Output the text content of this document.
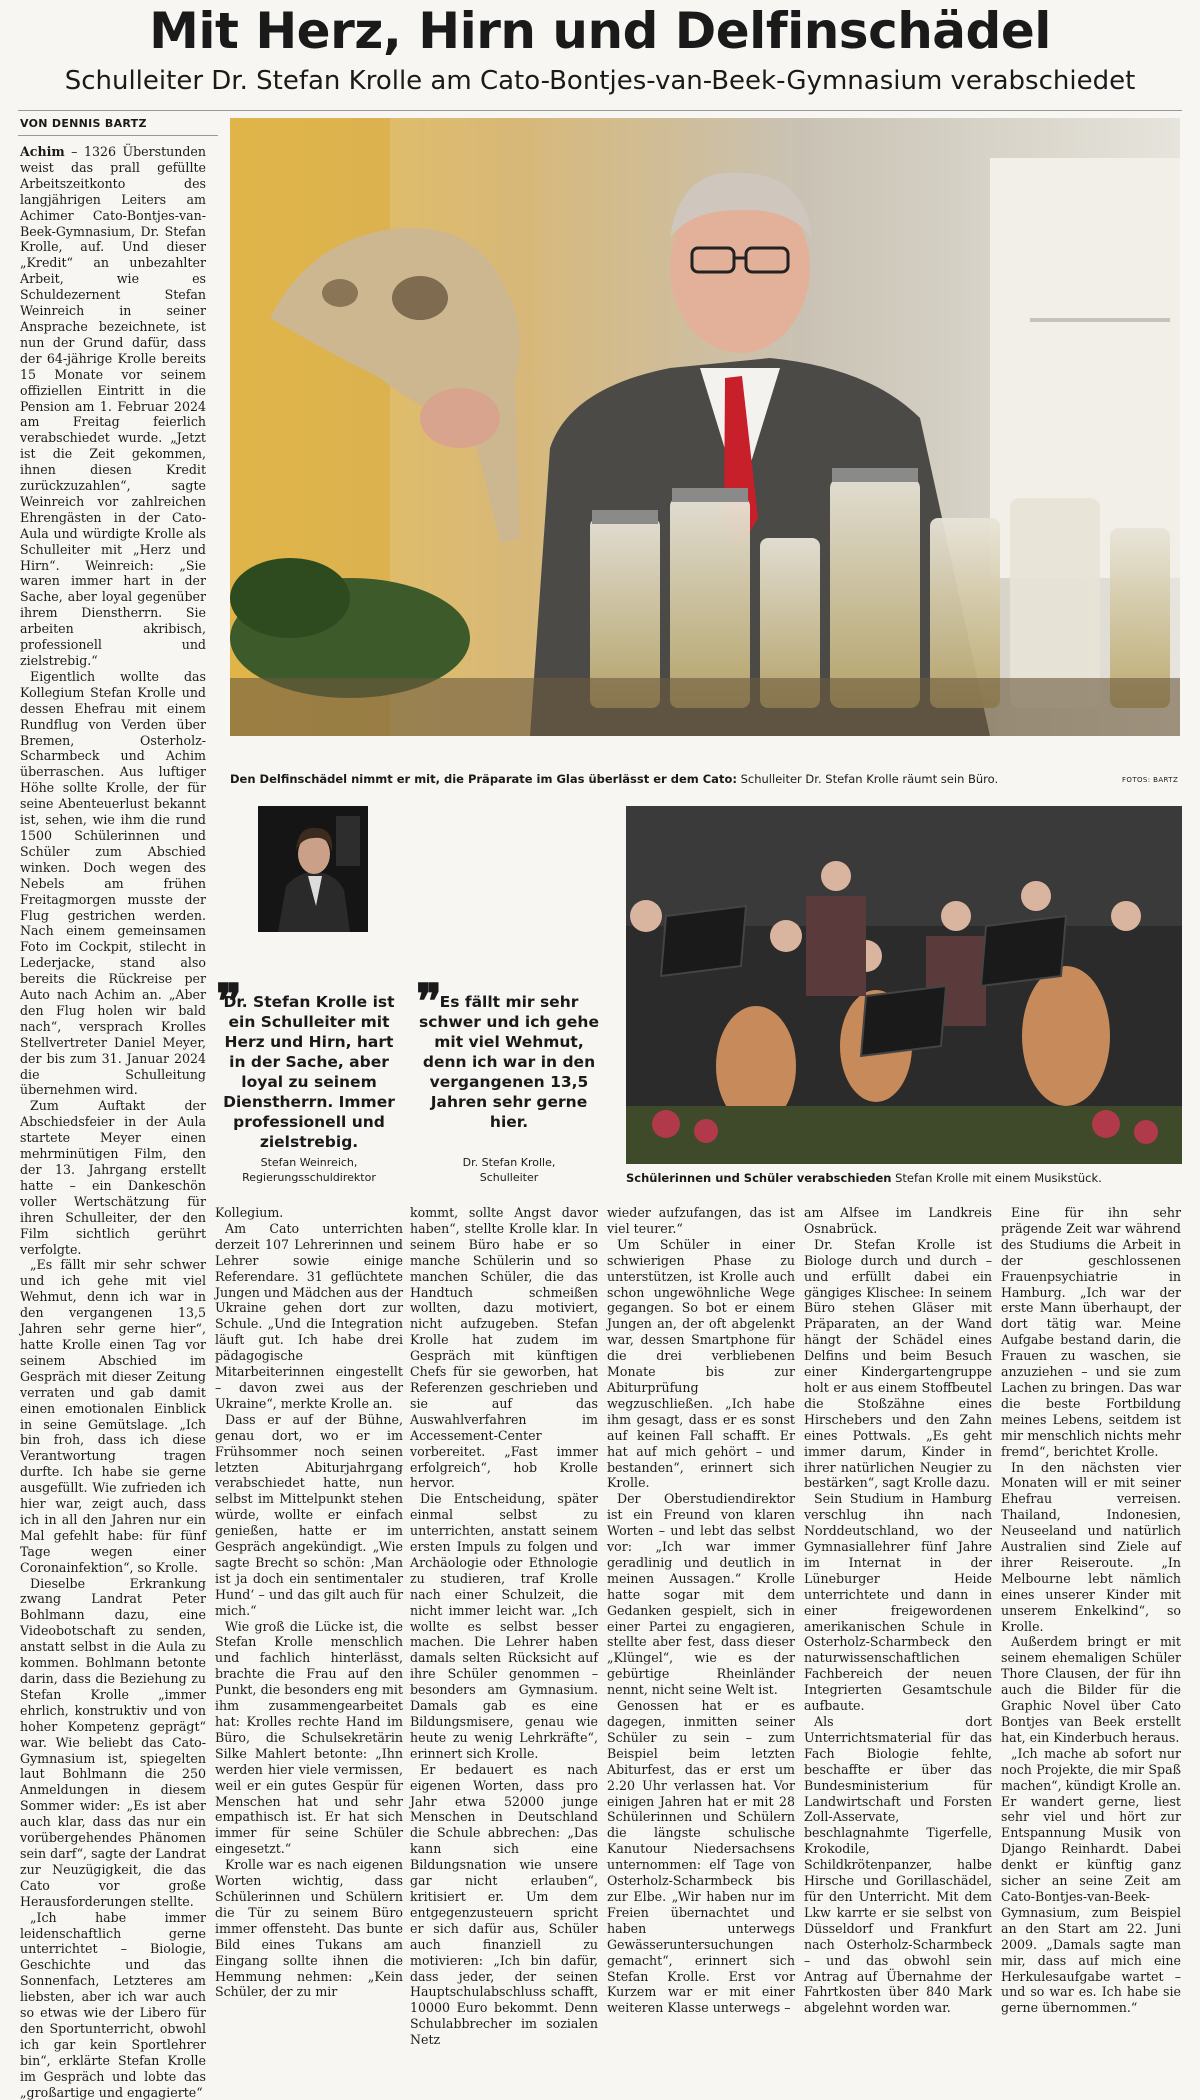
Mit Herz, Hirn und Delfinschädel
Schulleiter Dr. Stefan Krolle am Cato-Bontjes-van-Beek-Gymnasium verabschiedet
VON DENNIS BARTZ

Achim – 1326 Überstunden weist das prall gefüllte Arbeitszeitkonto des langjährigen Leiters am Achimer Cato-Bontjes-van-Beek-Gymnasium, Dr. Stefan Krolle, auf. Und dieser „Kredit“ an unbezahlter Arbeit, wie es Schuldezernent Stefan Weinreich in seiner Ansprache bezeichnete, ist nun der Grund dafür, dass der 64-jährige Krolle bereits 15 Monate vor seinem offiziellen Eintritt in die Pension am 1. Februar 2024 am Freitag feierlich verabschiedet wurde. „Jetzt ist die Zeit gekommen, ihnen diesen Kredit zurückzuzahlen“, sagte Weinreich vor zahlreichen Ehrengästen in der Cato-Aula und würdigte Krolle als Schulleiter mit „Herz und Hirn“. Weinreich: „Sie waren immer hart in der Sache, aber loyal gegenüber ihrem Dienstherrn. Sie arbeiten akribisch, professionell und zielstrebig.“

Eigentlich wollte das Kollegium Stefan Krolle und dessen Ehefrau mit einem Rundflug von Verden über Bremen, Osterholz-Scharmbeck und Achim überraschen. Aus luftiger Höhe sollte Krolle, der für seine Abenteuerlust bekannt ist, sehen, wie ihm die rund 1500 Schülerinnen und Schüler zum Abschied winken. Doch wegen des Nebels am frühen Freitagmorgen musste der Flug gestrichen werden. Nach einem gemeinsamen Foto im Cockpit, stilecht in Lederjacke, stand also bereits die Rückreise per Auto nach Achim an. „Aber den Flug holen wir bald nach“, versprach Krolles Stellvertreter Daniel Meyer, der bis zum 31. Januar 2024 die Schulleitung übernehmen wird.

Zum Auftakt der Abschiedsfeier in der Aula startete Meyer einen mehrminütigen Film, den der 13. Jahrgang erstellt hatte – ein Dankeschön voller Wertschätzung für ihren Schulleiter, der den Film sichtlich gerührt verfolgte.

„Es fällt mir sehr schwer und ich gehe mit viel Wehmut, denn ich war in den vergangenen 13,5 Jahren sehr gerne hier“, hatte Krolle einen Tag vor seinem Abschied im Gespräch mit dieser Zeitung verraten und gab damit einen emotionalen Einblick in seine Gemütslage. „Ich bin froh, dass ich diese Verantwortung tragen durfte. Ich habe sie gerne ausgefüllt. Wie zufrieden ich hier war, zeigt auch, dass ich in all den Jahren nur ein Mal gefehlt habe: für fünf Tage wegen einer Coronainfektion“, so Krolle.

Dieselbe Erkrankung zwang Landrat Peter Bohlmann dazu, eine Videobotschaft zu senden, anstatt selbst in die Aula zu kommen. Bohlmann betonte darin, dass die Beziehung zu Stefan Krolle „immer ehrlich, konstruktiv und von hoher Kompetenz geprägt“ war. Wie beliebt das Cato-Gymnasium ist, spiegelten laut Bohlmann die 250 Anmeldungen in diesem Sommer wider: „Es ist aber auch klar, dass das nur ein vorübergehendes Phänomen sein darf“, sagte der Landrat zur Neuzügigkeit, die das Cato vor große Herausforderungen stellte.

„Ich habe immer leidenschaftlich gerne unterrichtet – Biologie, Geschichte und das Sonnenfach, Letzteres am liebsten, aber ich war auch so etwas wie der Libero für den Sportunterricht, obwohl ich gar kein Sportlehrer bin“, erklärte Stefan Krolle im Gespräch und lobte das „großartige und engagierte“

Den Delfinschädel nimmt er mit, die Präparate im Glas überlässt er dem Cato: Schulleiter Dr. Stefan Krolle räumt sein Büro.	FOTOS: BARTZ
❞
Dr. Stefan Krolle ist ein Schulleiter mit Herz und Hirn, hart in der Sache, aber loyal zu seinem Dienstherrn. Immer professionell und zielstrebig.
Stefan Weinreich,
Regierungsschuldirektor
❞
Es fällt mir sehr schwer und ich gehe mit viel Wehmut, denn ich war in den vergangenen 13,5 Jahren sehr gerne hier.
Dr. Stefan Krolle,
Schulleiter	Schülerinnen und Schüler verabschieden Stefan Krolle mit einem Musikstück.

Kollegium.

Am Cato unterrichten derzeit 107 Lehrerinnen und Lehrer sowie einige Referendare. 31 geflüchtete Jungen und Mädchen aus der Ukraine gehen dort zur Schule. „Und die Integration läuft gut. Ich habe drei pädagogische Mitarbeiterinnen eingestellt – davon zwei aus der Ukraine“, merkte Krolle an.

Dass er auf der Bühne, genau dort, wo er im Frühsommer noch seinen letzten Abiturjahrgang verabschiedet hatte, nun selbst im Mittelpunkt stehen würde, wollte er einfach genießen, hatte er im Gespräch angekündigt. „Wie sagte Brecht so schön: ‚Man ist ja doch ein sentimentaler Hund‘ – und das gilt auch für mich.“

Wie groß die Lücke ist, die Stefan Krolle menschlich und fachlich hinterlässt, brachte die Frau auf den Punkt, die besonders eng mit ihm zusammengearbeitet hat: Krolles rechte Hand im Büro, die Schulsekretärin Silke Mahlert betonte: „Ihn werden hier viele vermissen, weil er ein gutes Gespür für Menschen hat und sehr empathisch ist. Er hat sich immer für seine Schüler eingesetzt.“

Krolle war es nach eigenen Worten wichtig, dass Schülerinnen und Schülern die Tür zu seinem Büro immer offensteht. Das bunte Bild eines Tukans am Eingang sollte ihnen die Hemmung nehmen: „Kein Schüler, der zu mir

kommt, sollte Angst davor haben“, stellte Krolle klar. In seinem Büro habe er so manche Schülerin und so manchen Schüler, die das Handtuch schmeißen wollten, dazu motiviert, nicht aufzugeben. Stefan Krolle hat zudem im Gespräch mit künftigen Chefs für sie geworben, hat Referenzen geschrieben und sie auf das Auswahlverfahren im Accessement-Center vorbereitet. „Fast immer erfolgreich“, hob Krolle hervor.

Die Entscheidung, später einmal selbst zu unterrichten, anstatt seinem ersten Impuls zu folgen und Archäologie oder Ethnologie zu studieren, traf Krolle nach einer Schulzeit, die nicht immer leicht war. „Ich wollte es selbst besser machen. Die Lehrer haben damals selten Rücksicht auf ihre Schüler genommen – besonders am Gymnasium. Damals gab es eine Bildungsmisere, genau wie heute zu wenig Lehrkräfte“, erinnert sich Krolle.

Er bedauert es nach eigenen Worten, dass pro Jahr etwa 52000 junge Menschen in Deutschland die Schule abbrechen: „Das kann sich eine Bildungsnation wie unsere gar nicht erlauben“, kritisiert er. Um dem entgegenzusteuern spricht er sich dafür aus, Schüler auch finanziell zu motivieren: „Ich bin dafür, dass jeder, der seinen Hauptschulabschluss schafft, 10000 Euro bekommt. Denn Schulabbrecher im sozialen Netz

wieder aufzufangen, das ist viel teurer.“

Um Schüler in einer schwierigen Phase zu unterstützen, ist Krolle auch schon ungewöhnliche Wege gegangen. So bot er einem Jungen an, der oft abgelenkt war, dessen Smartphone für die drei verbliebenen Monate bis zur Abiturprüfung wegzuschließen. „Ich habe ihm gesagt, dass er es sonst auf keinen Fall schafft. Er hat auf mich gehört – und bestanden“, erinnert sich Krolle.

Der Oberstudiendirektor ist ein Freund von klaren Worten – und lebt das selbst vor: „Ich war immer geradlinig und deutlich in meinen Aussagen.“ Krolle hatte sogar mit dem Gedanken gespielt, sich in einer Partei zu engagieren, stellte aber fest, dass dieser „Klüngel“, wie es der gebürtige Rheinländer nennt, nicht seine Welt ist.

Genossen hat er es dagegen, inmitten seiner Schüler zu sein – zum Beispiel beim letzten Abiturfest, das er erst um 2.20 Uhr verlassen hat. Vor einigen Jahren hat er mit 28 Schülerinnen und Schülern die längste schulische Kanutour Niedersachsens unternommen: elf Tage von Osterholz-Scharmbeck bis zur Elbe. „Wir haben nur im Freien übernachtet und haben unterwegs Gewässeruntersuchungen gemacht“, erinnert sich Stefan Krolle. Erst vor Kurzem war er mit einer weiteren Klasse unterwegs –

am Alfsee im Landkreis Osnabrück.

Dr. Stefan Krolle ist Biologe durch und durch – und erfüllt dabei ein gängiges Klischee: In seinem Büro stehen Gläser mit Präparaten, an der Wand hängt der Schädel eines Delfins und beim Besuch einer Kindergartengruppe holt er aus einem Stoffbeutel die Stoßzähne eines Hirschebers und den Zahn eines Pottwals. „Es geht immer darum, Kinder in ihrer natürlichen Neugier zu bestärken“, sagt Krolle dazu.

Sein Studium in Hamburg verschlug ihn nach Norddeutschland, wo der Gymnasiallehrer fünf Jahre im Internat in der Lüneburger Heide unterrichtete und dann in einer freigewordenen amerikanischen Schule in Osterholz-Scharmbeck den naturwissenschaftlichen Fachbereich der neuen Integrierten Gesamtschule aufbaute.

Als dort Unterrichtsmaterial für das Fach Biologie fehlte, beschaffte er über das Bundesministerium für Landwirtschaft und Forsten Zoll-Asservate, beschlagnahmte Tigerfelle, Krokodile, Schildkrötenpanzer, halbe Hirsche und Gorillaschädel, für den Unterricht. Mit dem Lkw karrte er sie selbst von Düsseldorf und Frankfurt nach Osterholz-Scharmbeck – und das obwohl sein Antrag auf Übernahme der Fahrtkosten über 840 Mark abgelehnt worden war.

Eine für ihn sehr prägende Zeit war während des Studiums die Arbeit in der geschlossenen Frauenpsychiatrie in Hamburg. „Ich war der erste Mann überhaupt, der dort tätig war. Meine Aufgabe bestand darin, die Frauen zu waschen, sie anzuziehen – und sie zum Lachen zu bringen. Das war die beste Fortbildung meines Lebens, seitdem ist mir menschlich nichts mehr fremd“, berichtet Krolle.

In den nächsten vier Monaten will er mit seiner Ehefrau verreisen. Thailand, Indonesien, Neuseeland und natürlich Australien sind Ziele auf ihrer Reiseroute. „In Melbourne lebt nämlich eines unserer Kinder mit unserem Enkelkind“, so Krolle.

Außerdem bringt er mit seinem ehemaligen Schüler Thore Clausen, der für ihn auch die Bilder für die Graphic Novel über Cato Bontjes van Beek erstellt hat, ein Kinderbuch heraus.

„Ich mache ab sofort nur noch Projekte, die mir Spaß machen“, kündigt Krolle an. Er wandert gerne, liest sehr viel und hört zur Entspannung Musik von Django Reinhardt. Dabei denkt er künftig ganz sicher an seine Zeit am Cato-Bontjes-van-Beek-Gymnasium, zum Beispiel an den Start am 22. Juni 2009. „Damals sagte man mir, dass auf mich eine Herkulesaufgabe wartet – und so war es. Ich habe sie gerne übernommen.“
